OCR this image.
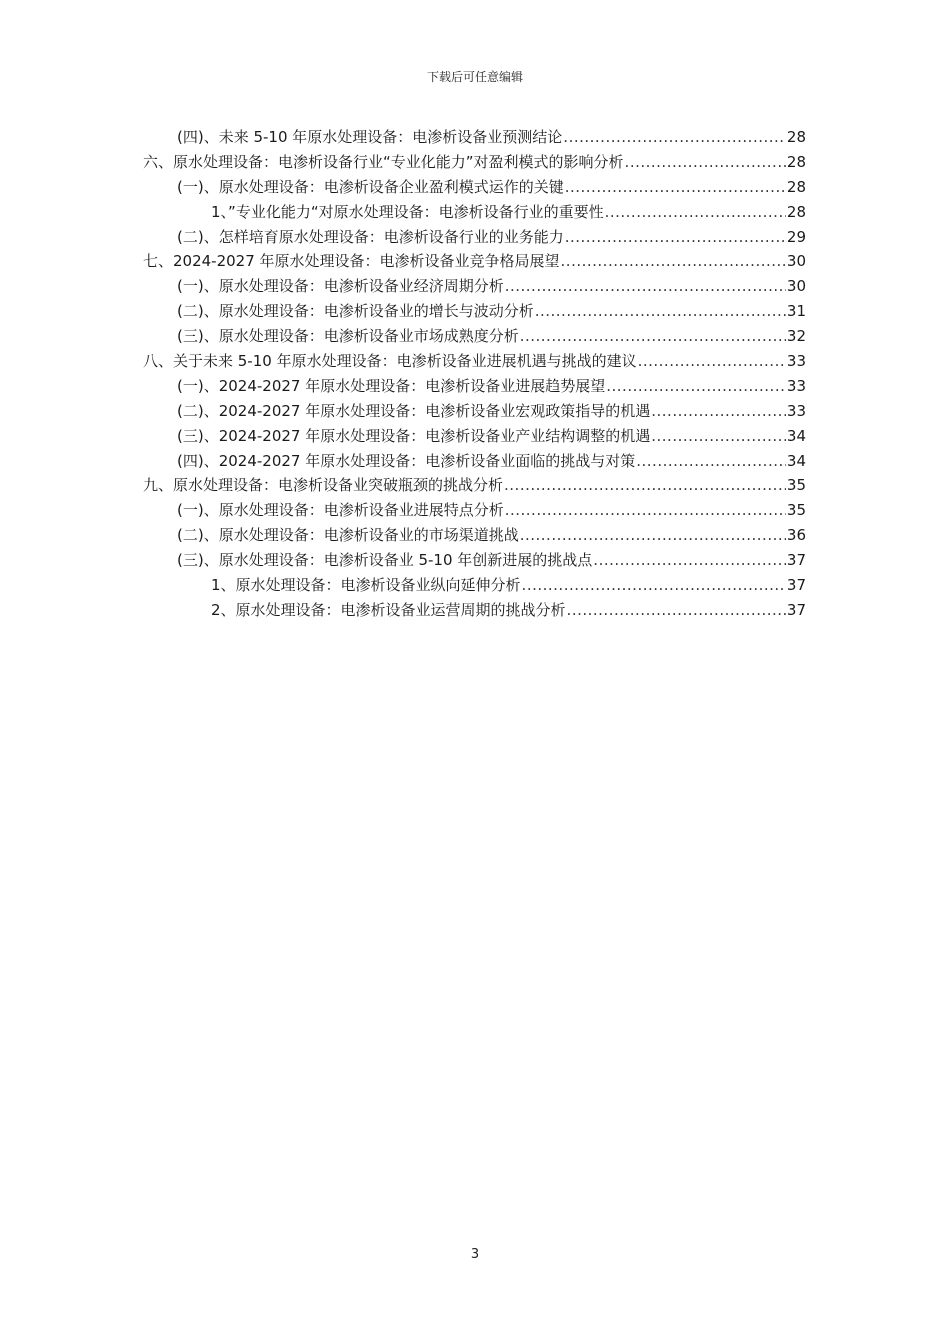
下载后可任意编辑
(四)、未来 5-10 年原水处理设备：电渗析设备业预测结论 .....	28
六、原水处理设备：电渗析设备行业“专业化能力”对盈利模式的影响分析 .....	28
(一)、原水处理设备：电渗析设备企业盈利模式运作的关键 .....	28
1、”专业化能力“对原水处理设备：电渗析设备行业的重要性 .....	28
(二)、怎样培育原水处理设备：电渗析设备行业的业务能力 .....	29
七、2024-2027 年原水处理设备：电渗析设备业竞争格局展望 .....	30
(一)、原水处理设备：电渗析设备业经济周期分析 .....	30
(二)、原水处理设备：电渗析设备业的增长与波动分析 .....	31
(三)、原水处理设备：电渗析设备业市场成熟度分析 .....	32
八、关于未来 5-10 年原水处理设备：电渗析设备业进展机遇与挑战的建议 .....	33
(一)、2024-2027 年原水处理设备：电渗析设备业进展趋势展望 .....	33
(二)、2024-2027 年原水处理设备：电渗析设备业宏观政策指导的机遇 .....	33
(三)、2024-2027 年原水处理设备：电渗析设备业产业结构调整的机遇 .....	34
(四)、2024-2027 年原水处理设备：电渗析设备业面临的挑战与对策 .....	34
九、原水处理设备：电渗析设备业突破瓶颈的挑战分析 .....	35
(一)、原水处理设备：电渗析设备业进展特点分析 .....	35
(二)、原水处理设备：电渗析设备业的市场渠道挑战 .....	36
(三)、原水处理设备：电渗析设备业 5-10 年创新进展的挑战点 .....	37
1、原水处理设备：电渗析设备业纵向延伸分析 .....	37
2、原水处理设备：电渗析设备业运营周期的挑战分析 .....	37
3
